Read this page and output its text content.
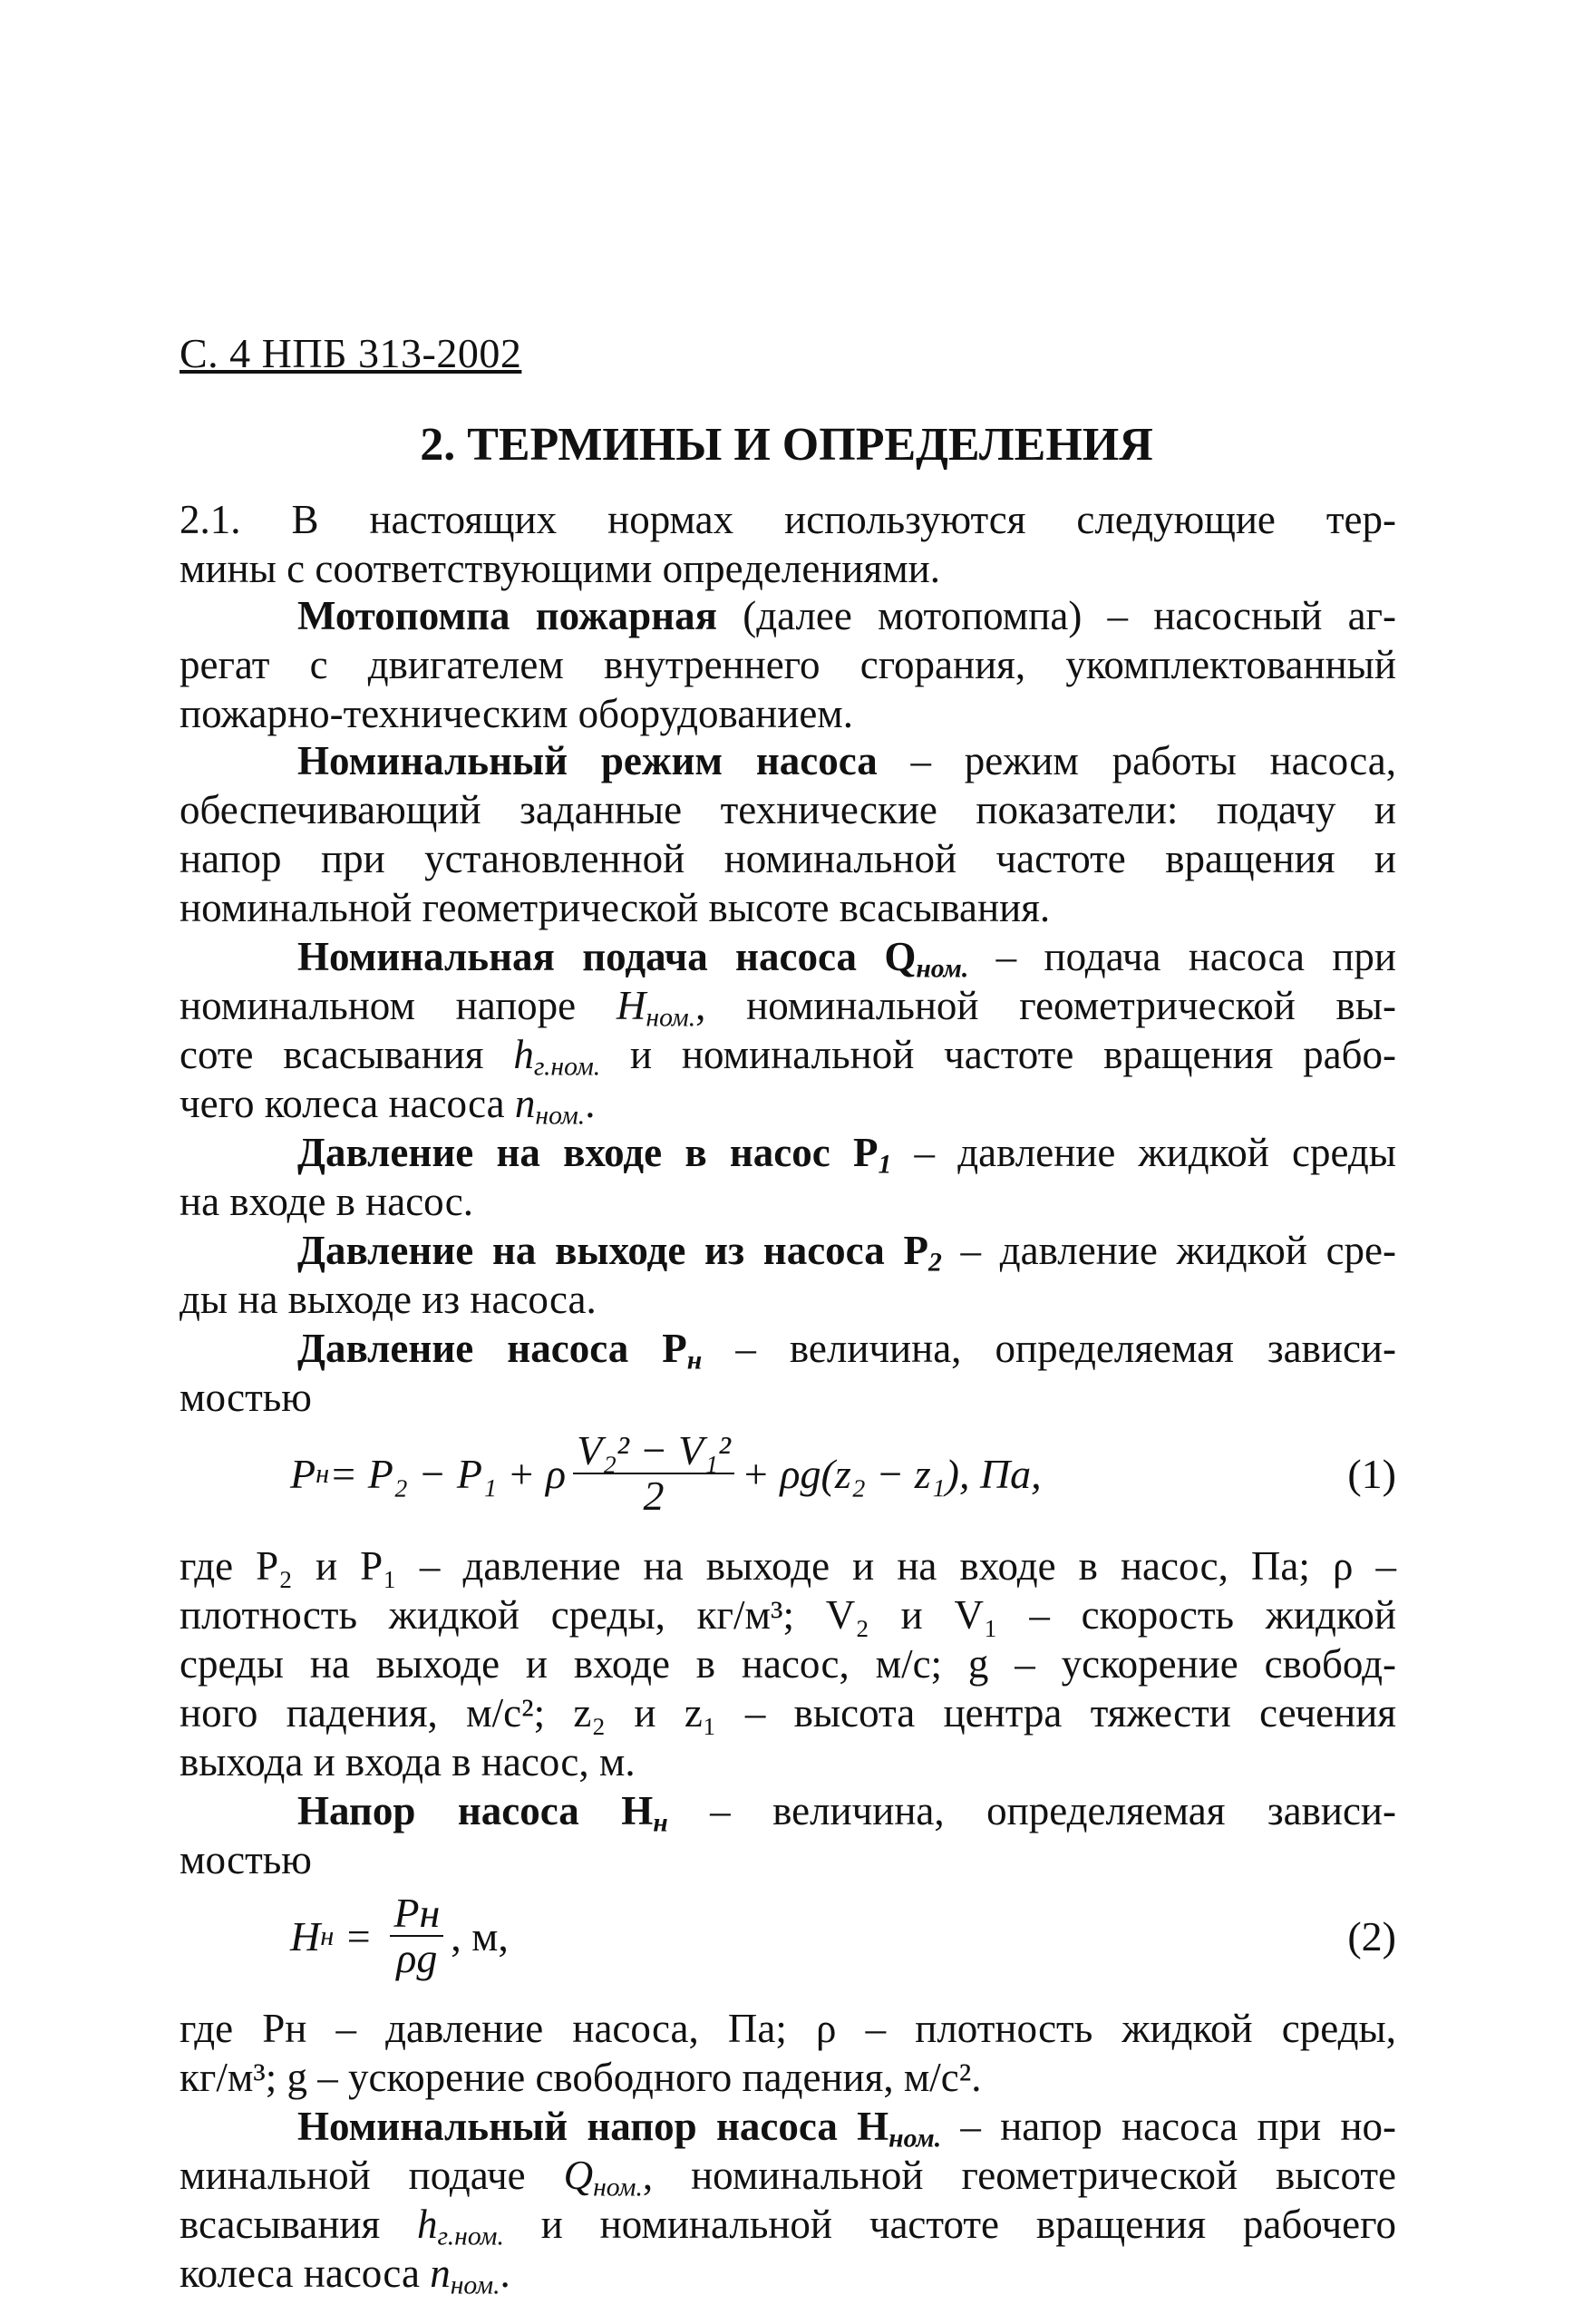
С. 4 НПБ 313-2002
2. ТЕРМИНЫ И ОПРЕДЕЛЕНИЯ
2.1. В настоящих нормах используются следующие тер-
мины с соответствующими определениями.
Мотопомпа пожарная (далее мотопомпа) – насосный аг-
регат с двигателем внутреннего сгорания, укомплектованный
пожарно-техническим оборудованием.
Номинальный режим насоса – режим работы насоса,
обеспечивающий заданные технические показатели: подачу и
напор при установленной номинальной частоте вращения и
номинальной геометрической высоте всасывания.
Номинальная подача насоса $Q_{ном.}$ – подача насоса при
номинальном напоре $H_{ном.}$, номинальной геометрической вы-
соте всасывания $h_{г.ном.}$ и номинальной частоте вращения рабо-
чего колеса насоса $n_{ном.}$.
Давление на входе в насос $P_1$ – давление жидкой среды
на входе в насос.
Давление на выходе из насоса $P_2$ – давление жидкой сре-
ды на выходе из насоса.
Давление насоса $P_н$ – величина, определяемая зависи-
мостью
P н = P₂ − P₁ + ρ $\frac{\text{V₂² − V₁²}}{2} + \rho g(z_2 - z_1)$, Па,	(1)
где P₂ и P₁ – давление на выходе и на входе в насос, Па; ρ –
плотность жидкой среды, кг/м³; V₂ и V₁ – скорость жидкой
среды на выходе и входе в насос, м/с; g – ускорение свобод-
ного падения, м/с²; z₂ и z₁ – высота центра тяжести сечения
выхода и входа в насос, м.
Напор насоса $H_н$ – величина, определяемая зависи-
мостью
H $н = \frac{Pн}{\rho g}$ , м,	(2)
где Pн – давление насоса, Па; ρ – плотность жидкой среды,
кг/м³; g – ускорение свободного падения, м/с².
Номинальный напор насоса $H_{ном.}$ – напор насоса при но-
минальной подаче $Q_{ном.}$, номинальной геометрической высоте
всасывания $h_{г.ном.}$ и номинальной частоте вращения рабочего
колеса насоса $n_{ном.}$.
